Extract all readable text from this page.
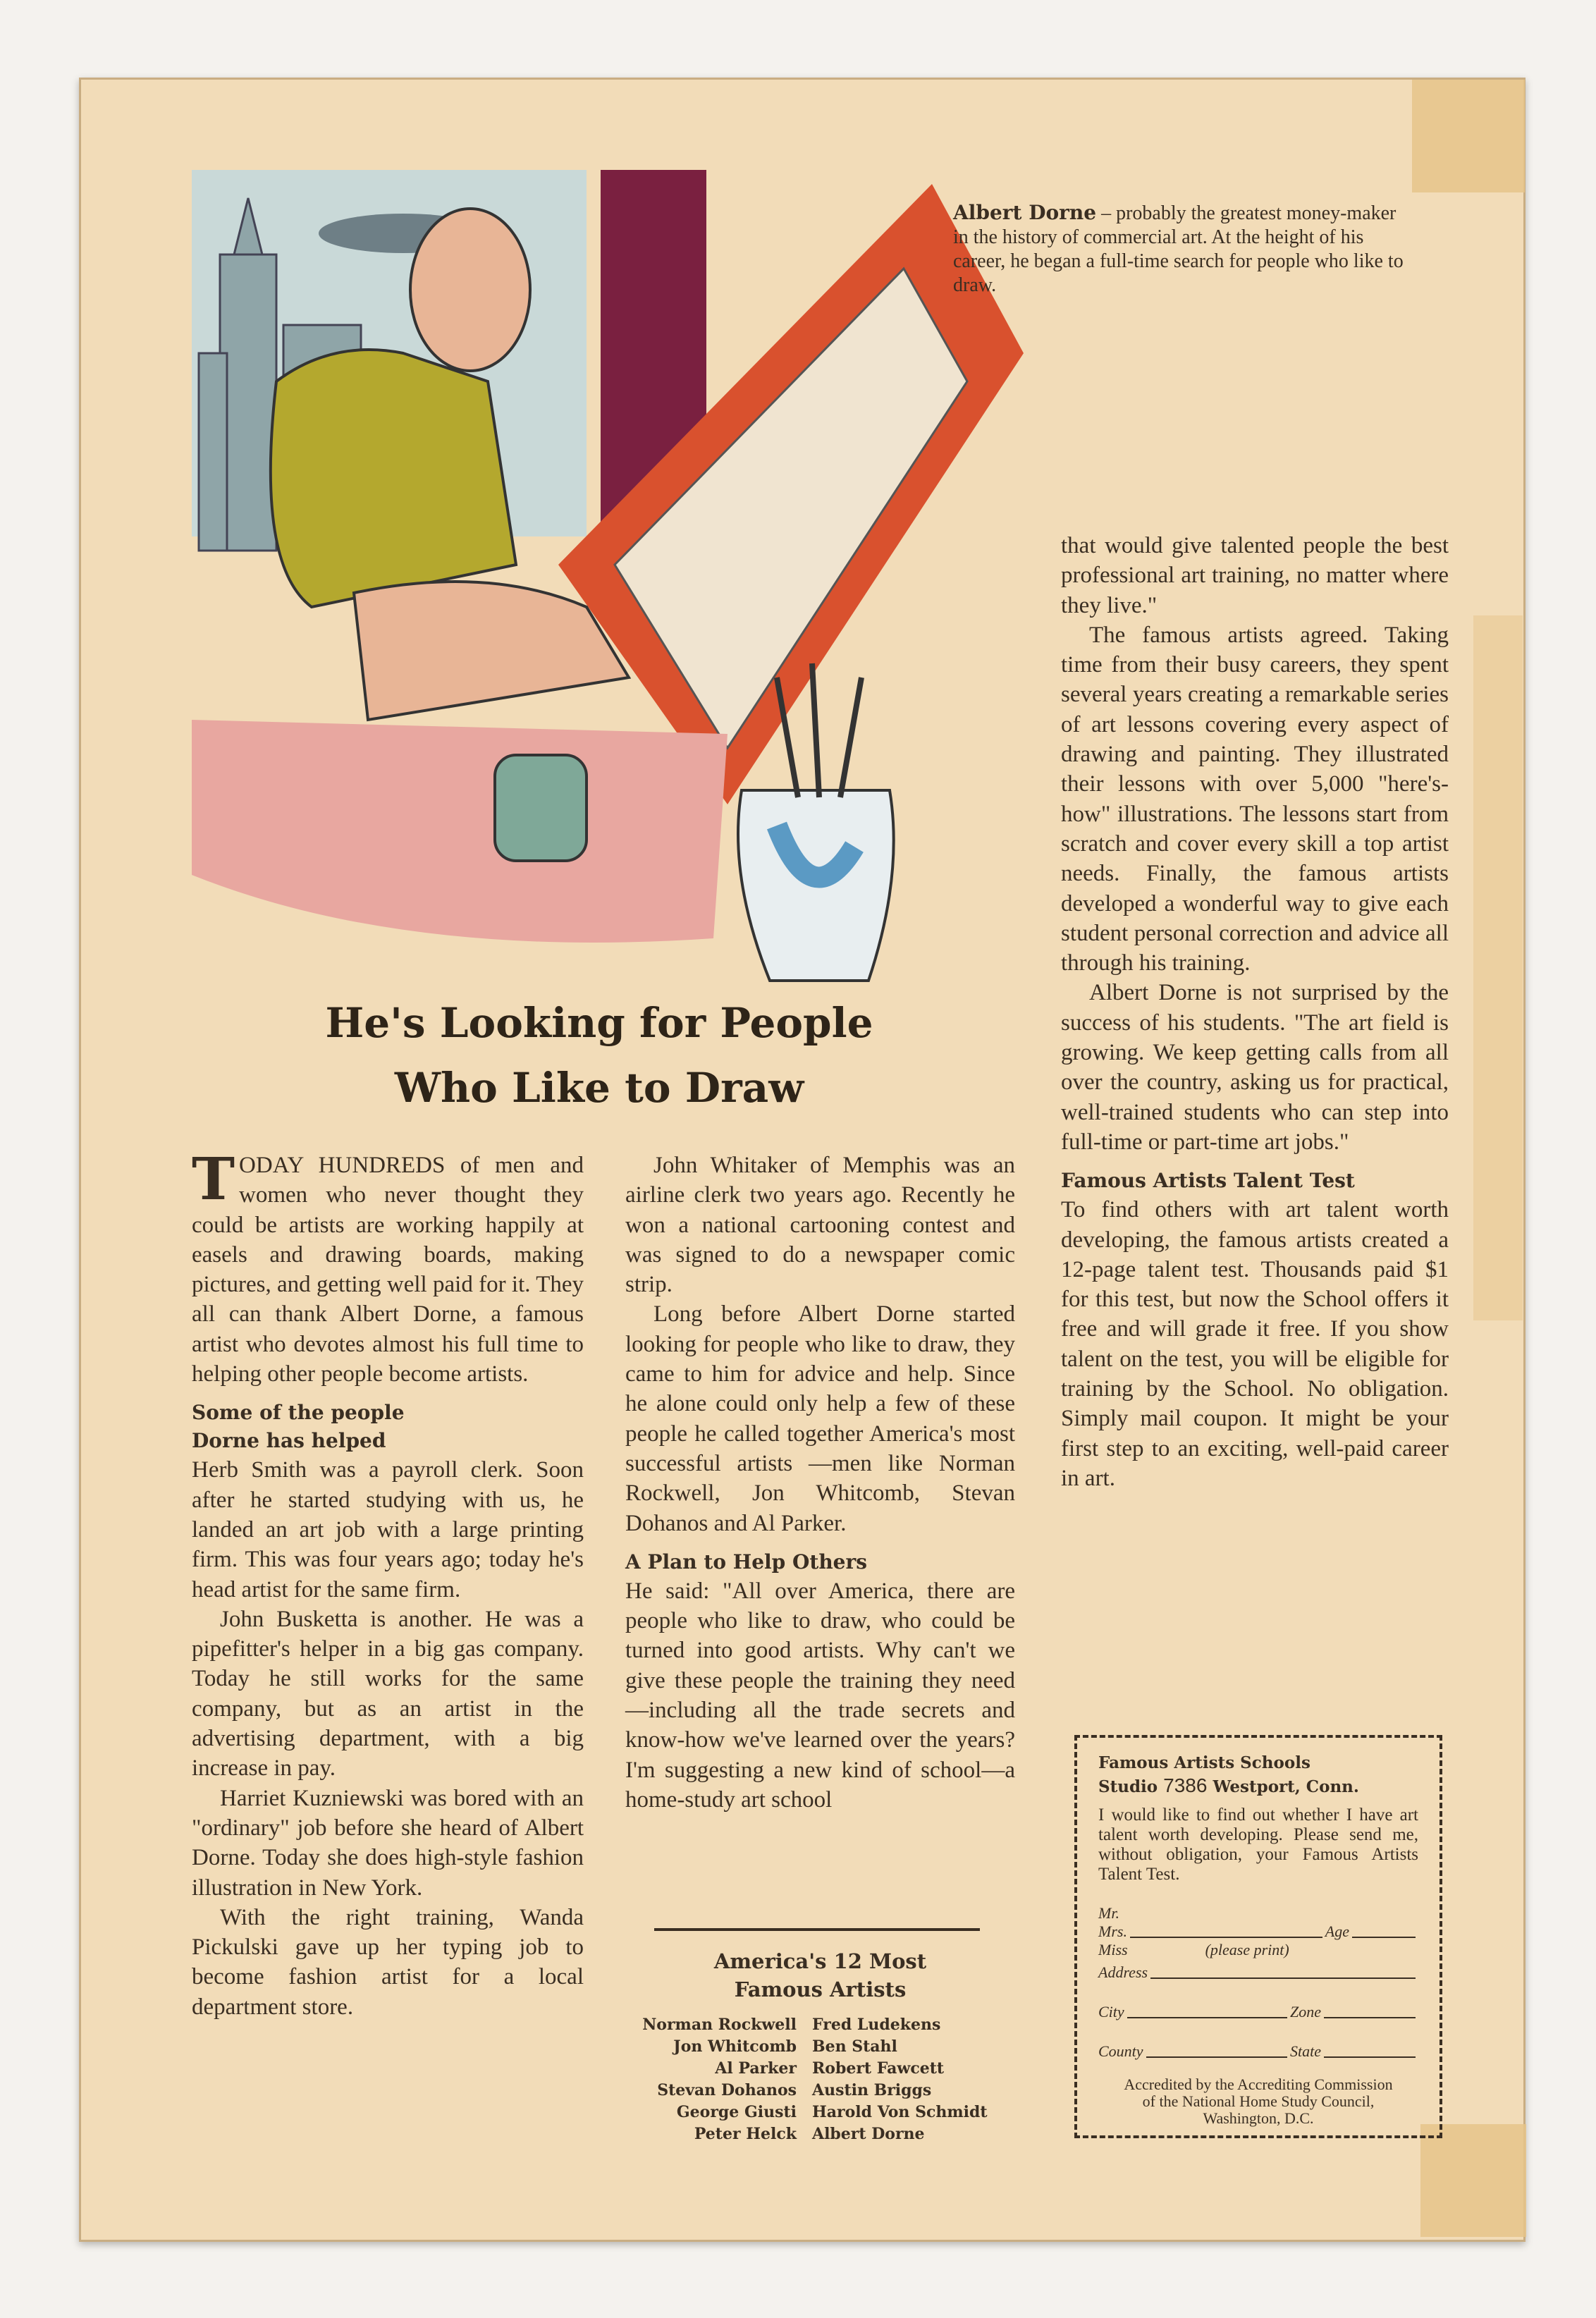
Albert Dorne – probably the greatest money-maker in the history of commercial art. At the height of his career, he began a full-time search for people who like to draw.
He's Looking for People
Who Like to Draw

TODAY HUNDREDS of men and women who never thought they could be artists are working happily at easels and drawing boards, making pictures, and getting well paid for it. They all can thank Albert Dorne, a famous artist who devotes almost his full time to helping other people become artists.

Some of the people
Dorne has helped

Herb Smith was a payroll clerk. Soon after he started studying with us, he landed an art job with a large printing firm. This was four years ago; today he's head artist for the same firm.

John Busketta is another. He was a pipefitter's helper in a big gas company. Today he still works for the same company, but as an artist in the advertising department, with a big increase in pay.

Harriet Kuzniewski was bored with an "ordinary" job before she heard of Albert Dorne. Today she does high-style fashion illustration in New York.

With the right training, Wanda Pickulski gave up her typing job to become fashion artist for a local department store.

John Whitaker of Memphis was an airline clerk two years ago. Recently he won a national cartooning contest and was signed to do a newspaper comic strip.

Long before Albert Dorne started looking for people who like to draw, they came to him for advice and help. Since he alone could only help a few of these people he called together America's most successful artists —men like Norman Rockwell, Jon Whitcomb, Stevan Dohanos and Al Parker.

A Plan to Help Others

He said: "All over America, there are people who like to draw, who could be turned into good artists. Why can't we give these people the training they need—including all the trade secrets and know-how we've learned over the years? I'm suggesting a new kind of school—a home-study art school

that would give talented people the best professional art training, no matter where they live."

The famous artists agreed. Taking time from their busy careers, they spent several years creating a remarkable series of art lessons covering every aspect of drawing and painting. They illustrated their lessons with over 5,000 "here's-how" illustrations. The lessons start from scratch and cover every skill a top artist needs. Finally, the famous artists developed a wonderful way to give each student personal correction and advice all through his training.

Albert Dorne is not surprised by the success of his students. "The art field is growing. We keep getting calls from all over the country, asking us for practical, well-trained students who can step into full-time or part-time art jobs."

Famous Artists Talent Test

To find others with art talent worth developing, the famous artists created a 12-page talent test. Thousands paid $1 for this test, but now the School offers it free and will grade it free. If you show talent on the test, you will be eligible for training by the School. No obligation. Simply mail coupon. It might be your first step to an exciting, well-paid career in art.

America's 12 Most
Famous Artists
Norman Rockwell Fred Ludekens
Jon Whitcomb Ben Stahl
Al Parker Robert Fawcett
Stevan Dohanos Austin Briggs
George Giusti Harold Von Schmidt
Peter Helck Albert Dorne
Famous Artists Schools
Studio 7386 Westport, Conn.
I would like to find out whether I have art talent worth developing. Please send me, without obligation, your Famous Artists Talent Test.
Mr.
Mrs.	Age
Miss	(please print)
Address
City	Zone
County	State
Accredited by the Accrediting Commission of the National Home Study Council, Washington, D.C.
